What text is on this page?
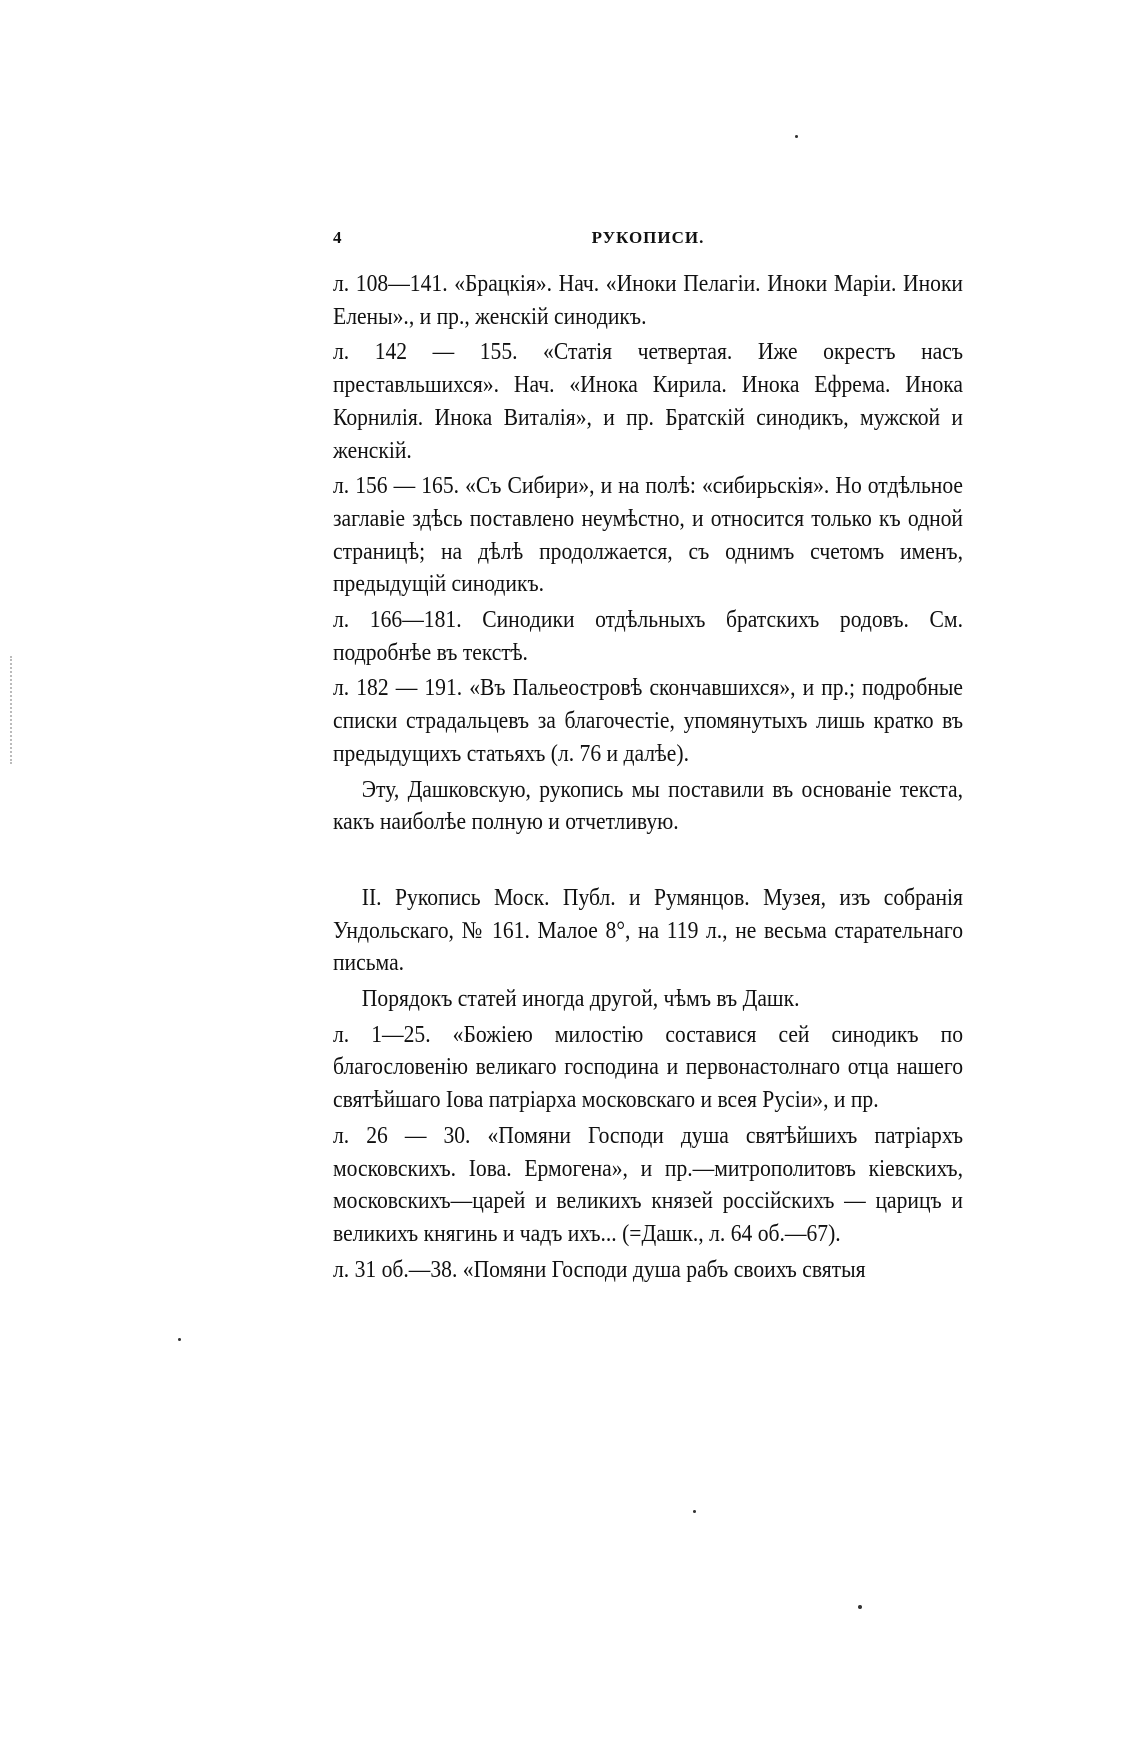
4	РУКОПИСИ.

л. 108—141. «Брацкія». Нач. «Иноки Пелагіи. Иноки Маріи. Иноки Елены»., и пр., женскій синодикъ.

л. 142 — 155. «Статія четвертая. Иже окрестъ насъ преставльшихся». Нач. «Инока Кирила. Инока Ефрема. Инока Корнилія. Инока Виталія», и пр. Братскій синодикъ, мужской и женскій.

л. 156 — 165. «Съ Сибири», и на полѣ: «сибирьскія». Но отдѣльное заглавіе здѣсь поставлено неумѣстно, и относится только къ одной страницѣ; на дѣлѣ продолжается, съ однимъ счетомъ именъ, предыдущій синодикъ.

л. 166—181. Синодики отдѣльныхъ братскихъ родовъ. См. подробнѣе въ текстѣ.

л. 182 — 191. «Въ Пальеостровѣ скончавшихся», и пр.; подробные списки страдальцевъ за благочестіе, упомянутыхъ лишь кратко въ предыдущихъ статьяхъ (л. 76 и далѣе).

Эту, Дашковскую, рукопись мы поставили въ основаніе текста, какъ наиболѣе полную и отчетливую.

II. Рукопись Моск. Публ. и Румянцов. Музея, изъ собранія Ундольскаго, № 161. Малое 8°, на 119 л., не весьма старательнаго письма.

Порядокъ статей иногда другой, чѣмъ въ Дашк.

л. 1—25. «Божіею милостію составися сей синодикъ по благословенію великаго господина и первонастолнаго отца нашего святѣйшаго Іова патріарха московскаго и всея Русіи», и пр.

л. 26 — 30. «Помяни Господи душа святѣйшихъ патріархъ московскихъ. Іова. Ермогена», и пр.—митрополитовъ кіевскихъ, московскихъ—царей и великихъ князей россійскихъ — царицъ и великихъ княгинь и чадъ ихъ... (=Дашк., л. 64 об.—67).

л. 31 об.—38. «Помяни Господи душа рабъ своихъ святыя
